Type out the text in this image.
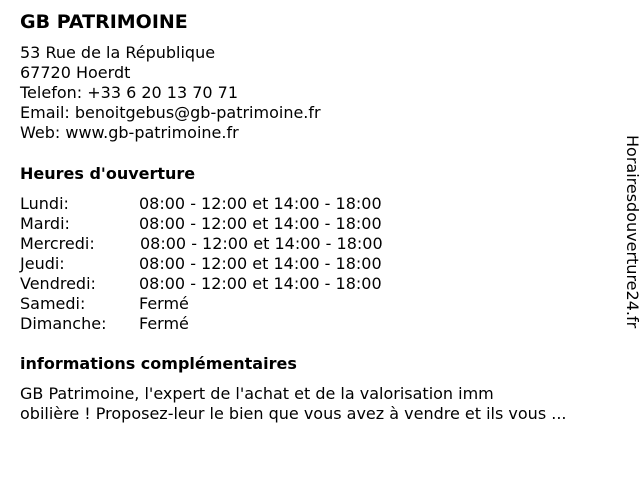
GB PATRIMOINE
53 Rue de la République
67720 Hoerdt
Telefon: +33 6 20 13 70 71
Email: benoitgebus@gb-patrimoine.fr
Web: www.gb-patrimoine.fr
Heures d'ouverture
Lundi:	08:00 - 12:00 et 14:00 - 18:00
Mardi:	08:00 - 12:00 et 14:00 - 18:00
Mercredi:	08:00 - 12:00 et 14:00 - 18:00
Jeudi:	08:00 - 12:00 et 14:00 - 18:00
Vendredi:	08:00 - 12:00 et 14:00 - 18:00
Samedi:	Fermé
Dimanche: Fermé
informations complémentaires
GB Patrimoine, l'expert de l'achat et de la valorisation imm
obilière ! Proposez-leur le bien que vous avez à vendre et ils vous ...
Horairesdouverture24.fr
